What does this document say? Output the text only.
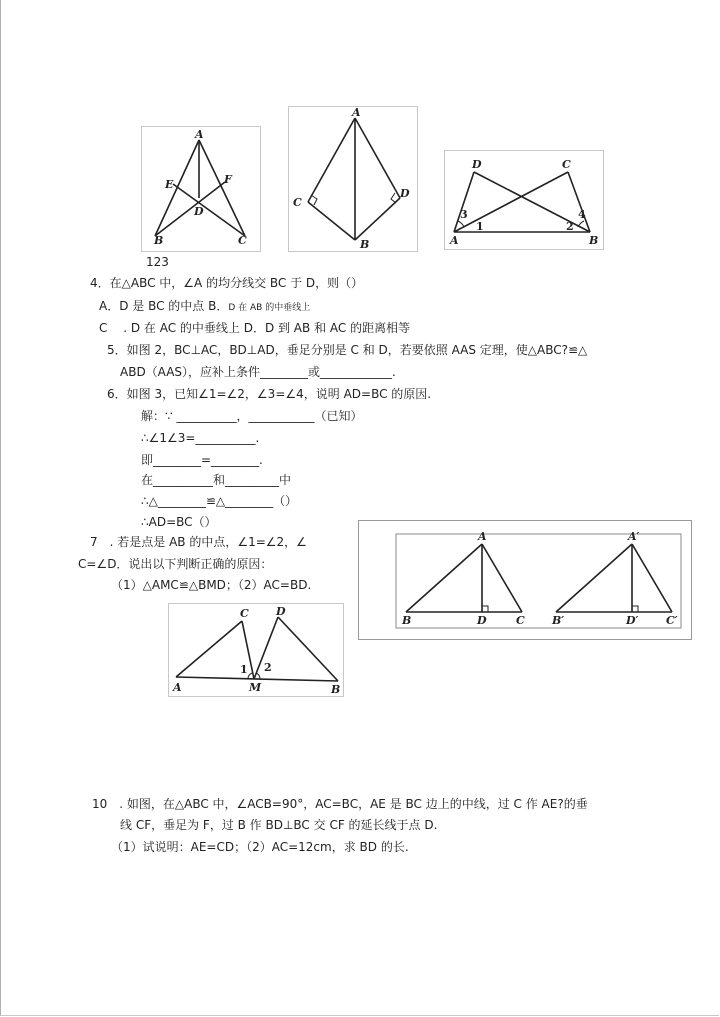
A
E	F
D
B	C
123
A
C
D
B
D	C
A	B
3
1	2
4
4．在△ABC 中，∠A 的均分线交 BC 于 D，则（）
A．D 是 BC 的中点 B．D 在 AB 的中垂线上
C　 . D 在 AC 的中垂线上 D．D 到 AB 和 AC 的距离相等
5．如图 2，BC⊥AC，BD⊥AD，垂足分别是 C 和 D，若要依照 AAS 定理，使△ABC?≌△
ABD（AAS），应补上条件________或____________.
6．如图 3，已知∠1=∠2，∠3=∠4，说明 AD=BC 的原因.
解：∵ __________，___________（已知）
∴∠1∠3=__________.
即________=________.
在__________和_________中
∴△________≌△________（）
∴AD=BC（）
A
B	D	C
A′
B′	D′	C′
7　. 若是点是 AB 的中点，∠1=∠2，∠
C=∠D．说出以下判断正确的原因：
（1）△AMC≌△BMD；（2）AC=BD.
C D
1 2
A	M	B
10　. 如图，在△ABC 中，∠ACB=90°，AC=BC，AE 是 BC 边上的中线，过 C 作 AE?的垂
线 CF，垂足为 F，过 B 作 BD⊥BC 交 CF 的延长线于点 D.
（1）试说明：AE=CD；（2）AC=12cm，求 BD 的长.
